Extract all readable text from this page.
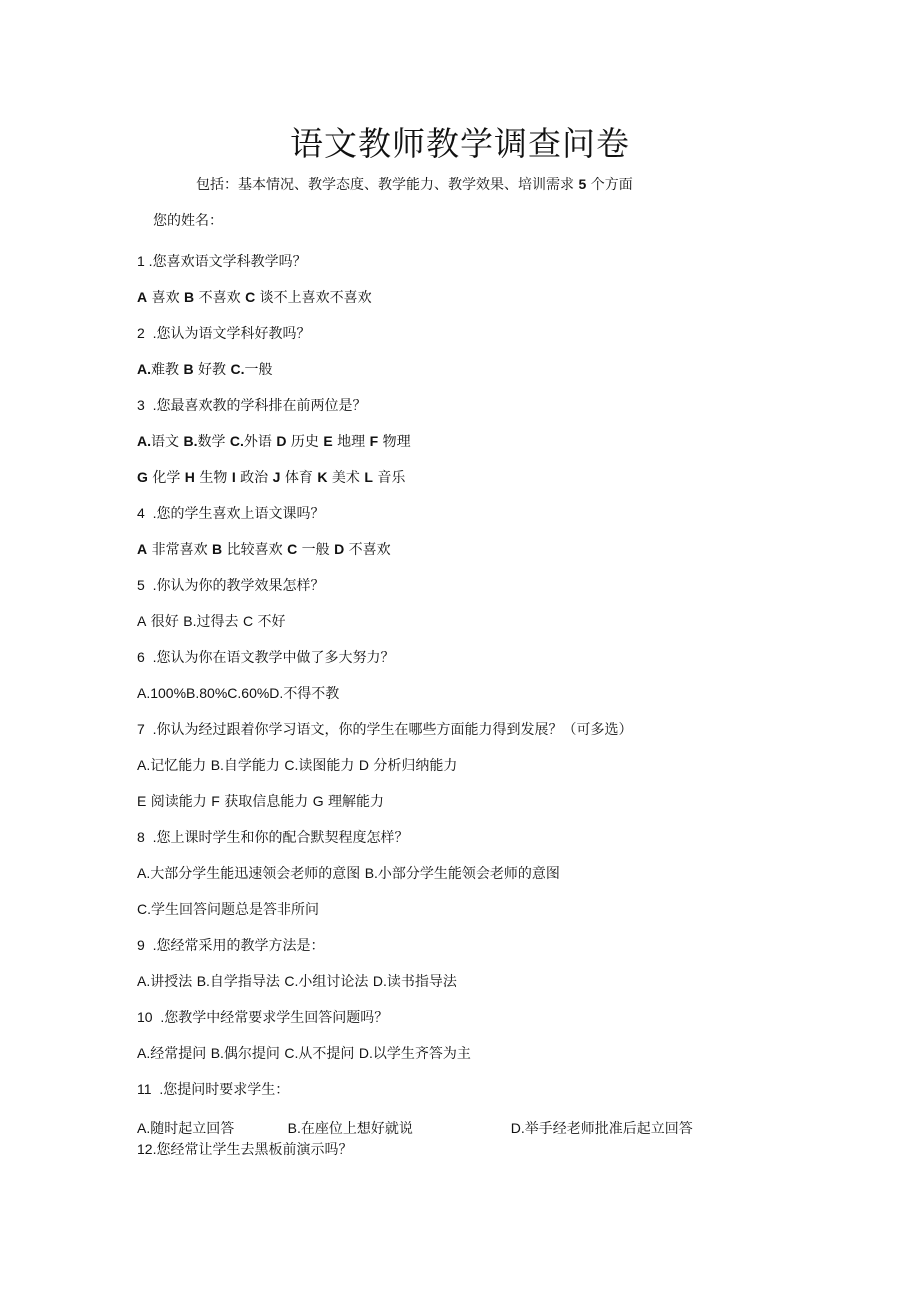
语文教师教学调查问卷
包括：基本情况、教学态度、教学能力、教学效果、培训需求 5 个方面
您的姓名：
1 .您喜欢语文学科教学吗？
A 喜欢 B 不喜欢 C 谈不上喜欢不喜欢
2  .您认为语文学科好教吗？
A.难教 B 好教 C.一般
3  .您最喜欢教的学科排在前两位是？
A.语文 B.数学 C.外语 D 历史 E 地理 F 物理
G 化学 H 生物 I 政治 J 体育 K 美术 L 音乐
4  .您的学生喜欢上语文课吗？
A 非常喜欢 B 比较喜欢 C 一般 D 不喜欢
5  .你认为你的教学效果怎样？
A 很好 B.过得去 C 不好
6  .您认为你在语文教学中做了多大努力？
A.100%B.80%C.60%D.不得不教
7  .你认为经过跟着你学习语文，你的学生在哪些方面能力得到发展？（可多选）
A.记忆能力 B.自学能力 C.读图能力 D 分析归纳能力
E 阅读能力 F 获取信息能力 G 理解能力
8  .您上课时学生和你的配合默契程度怎样？
A.大部分学生能迅速领会老师的意图 B.小部分学生能领会老师的意图
C.学生回答问题总是答非所问
9  .您经常采用的教学方法是：
A.讲授法 B.自学指导法 C.小组讨论法 D.读书指导法
10  .您教学中经常要求学生回答问题吗？
A.经常提问 B.偶尔提问 C.从不提问 D.以学生齐答为主
11  .您提问时要求学生：
A.随时起立回答            B.在座位上想好就说                      D.举手经老师批准后起立回答
12.您经常让学生去黑板前演示吗？
